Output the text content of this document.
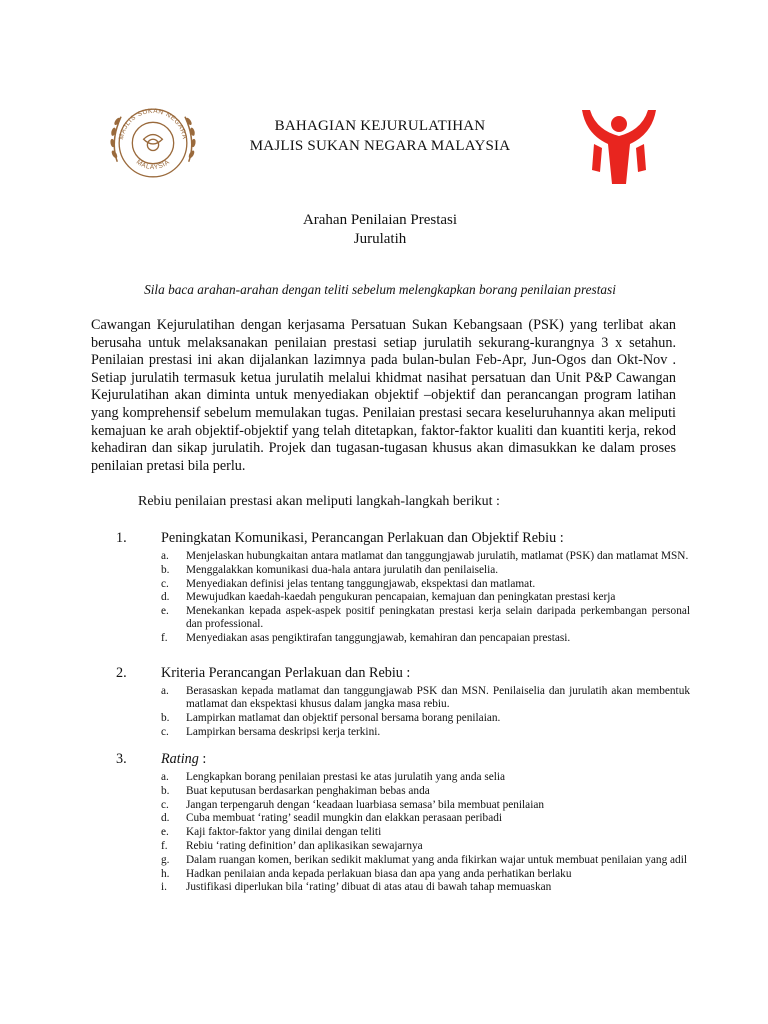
MAJLIS SUKAN NEGARA
MALAYSIA
BAHAGIAN KEJURULATIHAN
MAJLIS SUKAN NEGARA MALAYSIA
Arahan Penilaian Prestasi
Jurulatih
Sila baca arahan-arahan dengan teliti sebelum melengkapkan borang penilaian prestasi

Cawangan Kejurulatihan dengan kerjasama Persatuan Sukan Kebangsaan (PSK) yang terlibat akan berusaha untuk melaksanakan penilaian prestasi setiap jurulatih sekurang-kurangnya 3 x setahun. Penilaian prestasi ini akan dijalankan lazimnya pada bulan-bulan Feb-Apr, Jun-Ogos dan Okt-Nov . Setiap jurulatih termasuk ketua jurulatih melalui khidmat nasihat persatuan dan Unit P&P Cawangan Kejurulatihan akan diminta untuk menyediakan objektif –objektif dan perancangan program latihan yang komprehensif sebelum memulakan tugas. Penilaian prestasi secara keseluruhannya akan meliputi kemajuan ke arah objektif-objektif yang telah ditetapkan, faktor-faktor kualiti dan kuantiti kerja, rekod kehadiran dan sikap jurulatih. Projek dan tugasan-tugasan khusus akan dimasukkan ke dalam proses penilaian pretasi bila perlu.

Rebiu penilaian prestasi akan meliputi langkah-langkah berikut :
1. Peningkatan Komunikasi, Perancangan Perlakuan dan Objektif Rebiu :
a. Menjelaskan hubungkaitan antara matlamat dan tanggungjawab jurulatih, matlamat (PSK) dan matlamat MSN.
b. Menggalakkan komunikasi dua-hala antara jurulatih dan penilaiselia.
c. Menyediakan definisi jelas tentang tanggungjawab, ekspektasi dan matlamat.
d. Mewujudkan kaedah-kaedah pengukuran pencapaian, kemajuan dan peningkatan prestasi kerja
e. Menekankan kepada aspek-aspek positif peningkatan prestasi kerja selain daripada perkembangan personal dan professional.
f. Menyediakan asas pengiktirafan tanggungjawab, kemahiran dan pencapaian prestasi.
2. Kriteria Perancangan Perlakuan dan Rebiu :
a. Berasaskan kepada matlamat dan tanggungjawab PSK dan MSN. Penilaiselia dan jurulatih akan membentuk matlamat dan ekspektasi khusus dalam jangka masa rebiu.
b. Lampirkan matlamat dan objektif personal bersama borang penilaian.
c. Lampirkan bersama deskripsi kerja terkini.
3. Rating :
a. Lengkapkan borang penilaian prestasi ke atas jurulatih yang anda selia
b. Buat keputusan berdasarkan penghakiman bebas anda
c. Jangan terpengaruh dengan ‘keadaan luarbiasa semasa’ bila membuat penilaian
d. Cuba membuat ‘rating’ seadil mungkin dan elakkan perasaan peribadi
e. Kaji faktor-faktor yang dinilai dengan teliti
f. Rebiu ‘rating definition’ dan aplikasikan sewajarnya
g. Dalam ruangan komen, berikan sedikit maklumat yang anda fikirkan wajar untuk membuat penilaian yang adil
h. Hadkan penilaian anda kepada perlakuan biasa dan apa yang anda perhatikan berlaku
i. Justifikasi diperlukan bila ‘rating’ dibuat di atas atau di bawah tahap memuaskan
